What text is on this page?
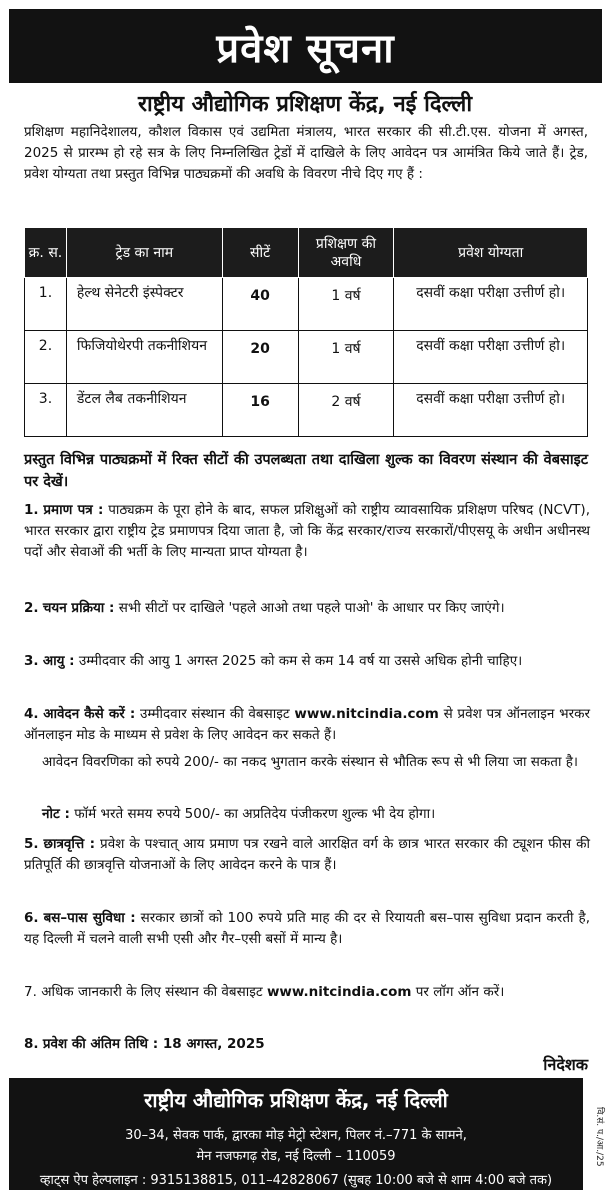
प्रवेश सूचना
राष्ट्रीय औद्योगिक प्रशिक्षण केंद्र, नई दिल्ली

प्रशिक्षण महानिदेशालय, कौशल विकास एवं उद्यमिता मंत्रालय, भारत सरकार की सी.टी.एस. योजना में अगस्त, 2025 से प्रारम्भ हो रहे सत्र के लिए निम्नलिखित ट्रेडों में दाखिले के लिए आवेदन पत्र आमंत्रित किये जाते हैं। ट्रेड, प्रवेश योग्यता तथा प्रस्तुत विभिन्न पाठ्यक्रमों की अवधि के विवरण नीचे दिए गए हैं :

क्र. स.	ट्रेड का नाम	सीटें	प्रशिक्षण की अवधि	प्रवेश योग्यता
1.	हेल्थ सेनेटरी इंस्पेक्टर	40	1 वर्ष	दसवीं कक्षा परीक्षा उत्तीर्ण हो।
2.	फिजियोथेरपी तकनीशियन	20	1 वर्ष	दसवीं कक्षा परीक्षा उत्तीर्ण हो।
3.	डेंटल लैब तकनीशियन	16	2 वर्ष	दसवीं कक्षा परीक्षा उत्तीर्ण हो।

प्रस्तुत विभिन्न पाठ्यक्रमों में रिक्त सीटों की उपलब्धता तथा दाखिला शुल्क का विवरण संस्थान की वेबसाइट पर देखें।

1. प्रमाण पत्र : पाठ्यक्रम के पूरा होने के बाद, सफल प्रशिक्षुओं को राष्ट्रीय व्यावसायिक प्रशिक्षण परिषद (NCVT), भारत सरकार द्वारा राष्ट्रीय ट्रेड प्रमाणपत्र दिया जाता है, जो कि केंद्र सरकार/राज्य सरकारों/पीएसयू के अधीन अधीनस्थ पदों और सेवाओं की भर्ती के लिए मान्यता प्राप्त योग्यता है।

2. चयन प्रक्रिया : सभी सीटों पर दाखिले 'पहले आओ तथा पहले पाओ' के आधार पर किए जाएंगे।

3. आयु : उम्मीदवार की आयु 1 अगस्त 2025 को कम से कम 14 वर्ष या उससे अधिक होनी चाहिए।

4. आवेदन कैसे करें : उम्मीदवार संस्थान की वेबसाइट www.nitcindia.com से प्रवेश पत्र ऑनलाइन भरकर ऑनलाइन मोड के माध्यम से प्रवेश के लिए आवेदन कर सकते हैं।

आवेदन विवरणिका को रुपये 200/- का नकद भुगतान करके संस्थान से भौतिक रूप से भी लिया जा सकता है।

नोट : फॉर्म भरते समय रुपये 500/- का अप्रतिदेय पंजीकरण शुल्क भी देय होगा।

5. छात्रवृत्ति : प्रवेश के पश्चात् आय प्रमाण पत्र रखने वाले आरक्षित वर्ग के छात्र भारत सरकार की ट्यूशन फीस की प्रतिपूर्ति की छात्रवृत्ति योजनाओं के लिए आवेदन करने के पात्र हैं।

6. बस–पास सुविधा : सरकार छात्रों को 100 रुपये प्रति माह की दर से रियायती बस–पास सुविधा प्रदान करती है, यह दिल्ली में चलने वाली सभी एसी और गैर–एसी बसों में मान्य है।

7. अधिक जानकारी के लिए संस्थान की वेबसाइट www.nitcindia.com पर लॉग ऑन करें।

8. प्रवेश की अंतिम तिथि : 18 अगस्त, 2025

निदेशक
राष्ट्रीय औद्योगिक प्रशिक्षण केंद्र, नई दिल्ली
30–34, सेवक पार्क, द्वारका मोड़ मेट्रो स्टेशन, पिलर नं.–771 के सामने,
मेन नजफगढ़ रोड, नई दिल्ली – 110059
व्हाट्स ऐप हेल्पलाइन : 9315138815, 011–42828067 (सुबह 10:00 बजे से शाम 4:00 बजे तक)
वि.सं. प./आ./25
